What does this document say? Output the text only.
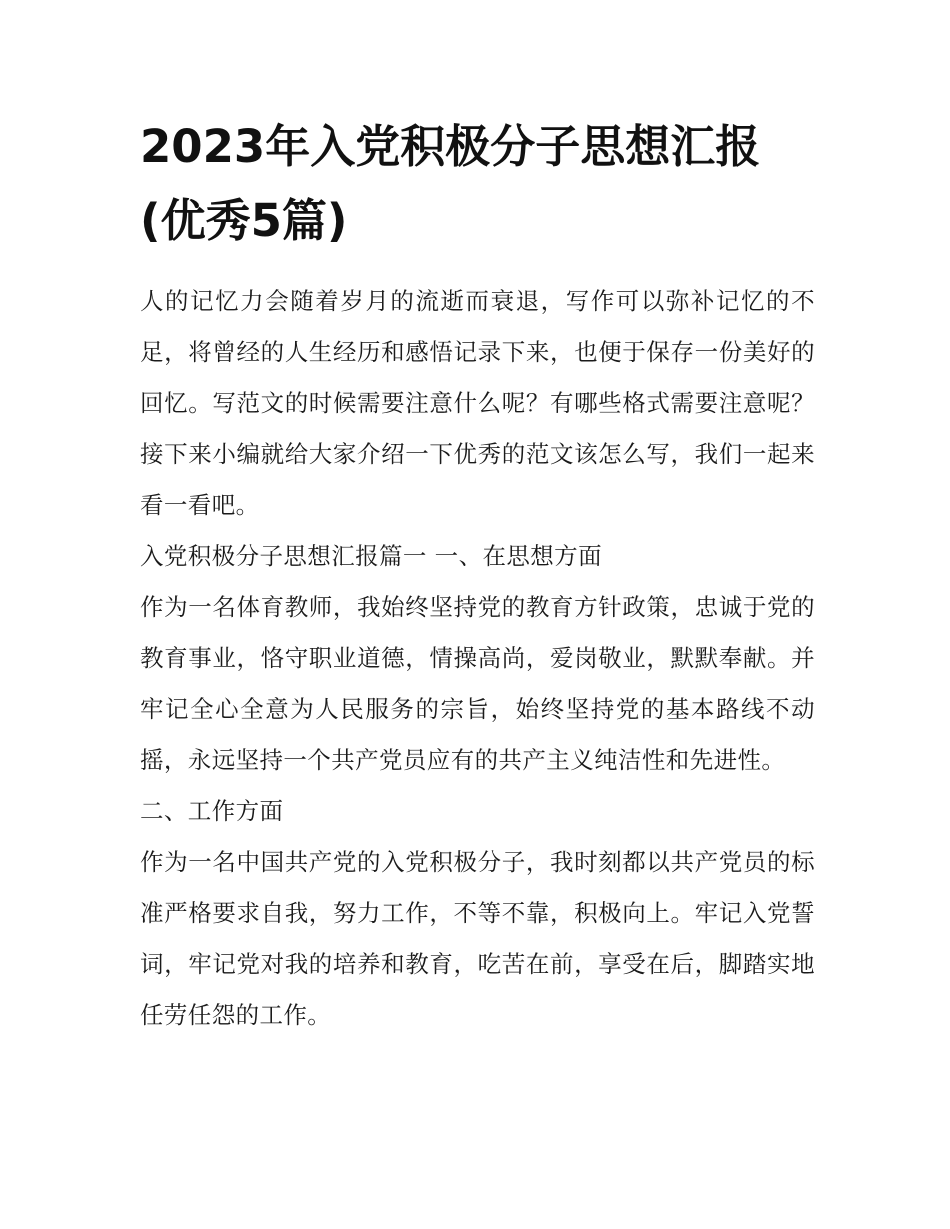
2023年入党积极分子思想汇报
(优秀5篇)

人的记忆力会随着岁月的流逝而衰退，写作可以弥补记忆的不足，将曾经的人生经历和感悟记录下来，也便于保存一份美好的回忆。写范文的时候需要注意什么呢？有哪些格式需要注意呢？接下来小编就给大家介绍一下优秀的范文该怎么写，我们一起来看一看吧。

入党积极分子思想汇报篇一 一、在思想方面

作为一名体育教师，我始终坚持党的教育方针政策，忠诚于党的教育事业，恪守职业道德，情操高尚，爱岗敬业，默默奉献。并牢记全心全意为人民服务的宗旨，始终坚持党的基本路线不动摇，永远坚持一个共产党员应有的共产主义纯洁性和先进性。

二、工作方面

作为一名中国共产党的入党积极分子，我时刻都以共产党员的标准严格要求自我，努力工作，不等不靠，积极向上。牢记入党誓词，牢记党对我的培养和教育，吃苦在前，享受在后，脚踏实地任劳任怨的工作。
